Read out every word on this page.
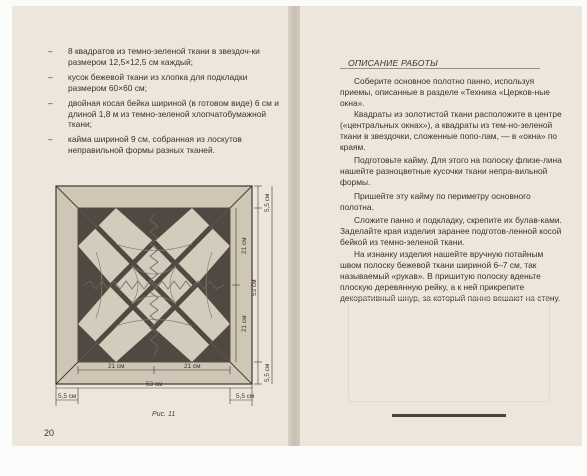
– 8 квадратов из темно-зеленой ткани в звездоч-ки размером 12,5×12,5 см каждый;
– кусок бежевой ткани из хлопка для подкладки размером 60×60 см;
– двойная косая бейка шириной (в готовом виде) 6 см и длиной 1,8 м из темно-зеленой хлопчатобумажной ткани;
– кайма шириной 9 см, собранная из лоскутов неправильной формы разных тканей.
21 см	21 см
53 см
5,5 см	5,5 см
5,5 см
21 см
53 см
21 см
5,5 см
Рис. 11
20
ОПИСАНИЕ РАБОТЫ

Соберите основное полотно панно, используя приемы, описанные в разделе «Техника «Церков-ные окна».

Квадраты из золотистой ткани расположите в центре («центральных окнах»), а квадраты из тем-но-зеленой ткани в звездочки, сложенные попо-лам, — в «окна» по краям.

Подготовьте кайму. Для этого на полоску флизе-лина нашейте разноцветные кусочки ткани непра-вильной формы.

Пришейте эту кайму по периметру основного полотна.

Сложите панно и подкладку, скрепите их булав-ками. Заделайте края изделия заранее подготов-ленной косой бейкой из темно-зеленой ткани.

На изнанку изделия нашейте вручную потайным швом полоску бежевой ткани шириной 6–7 см, так называемый «рукав». В пришитую полоску вденьте плоскую деревянную рейку, а к ней прикрепите декоративный шнур, за который панно вешают на стену.
